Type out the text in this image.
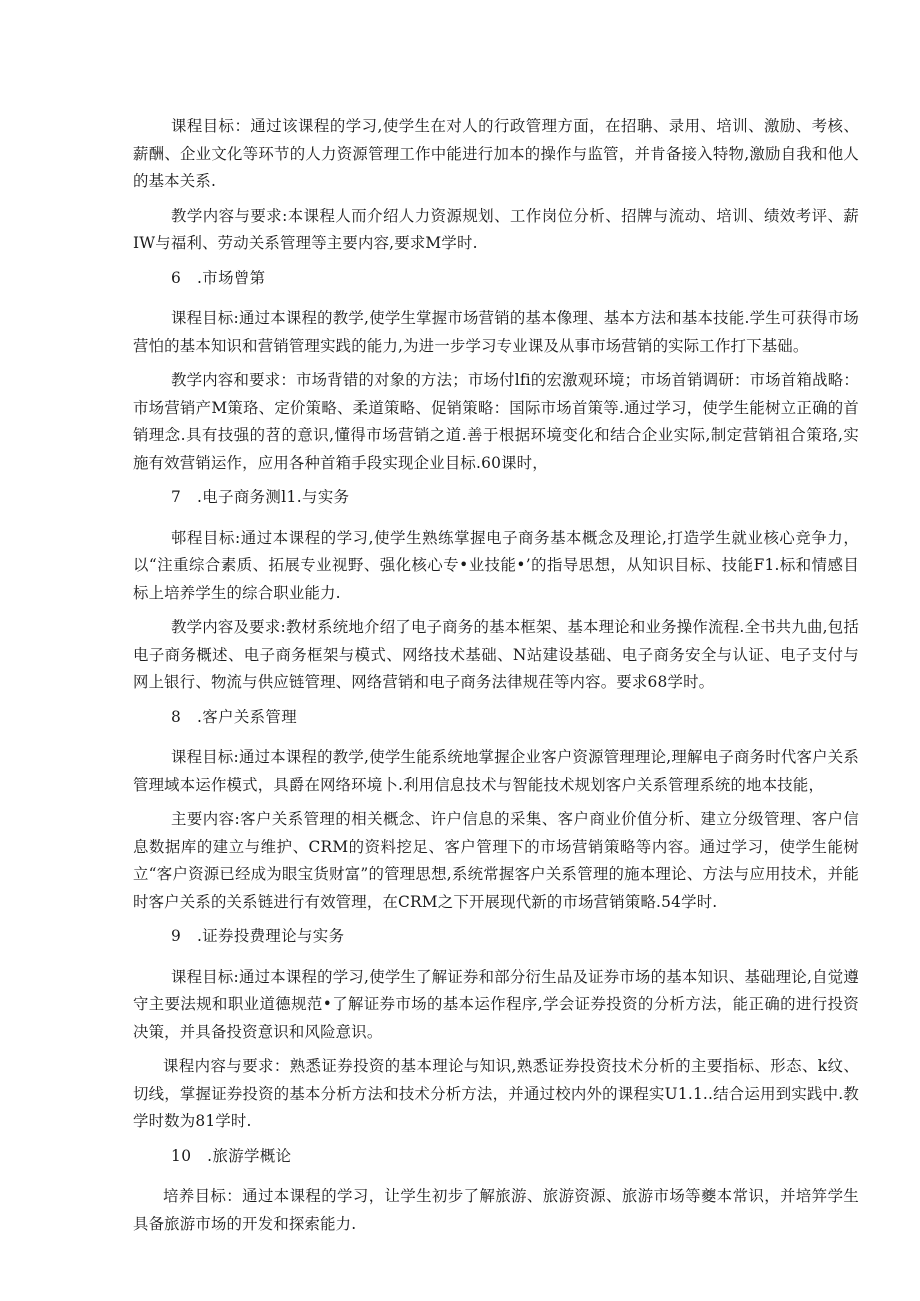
课程目标：通过该课程的学习,使学生在对人的行政管理方面，在招聃、录用、培训、激励、考核、薪酬、企业文化等环节的人力资源管理工作中能进行加本的操作与监管，并肯备接入特物,激励自我和他人的基本关系.

教学内容与要求:本课程人而介绍人力资源规划、工作岗位分析、招牌与流动、培训、绩效考评、薪IW与福利、劳动关系管理等主要内容,要求M学时.

6　.市场曾第

课程目标:通过本课程的教学,使学生掌握市场营销的基本像理、基本方法和基本技能.学生可获得市场营怕的基本知识和营销管理实践的能力,为进一步学习专业课及从事市场营销的实际工作打下基础。

教学内容和要求：市场背错的对象的方法；市场付lfi的宏激观环境；市场首销调研：市场首箱战略：市场营销产M策珞、定价策略、柔道策略、促销策略：国际市场首策等.通过学习，使学生能树立正确的首销理念.具有技强的苕的意识,懂得市场营销之道.善于根据环境变化和结合企业实际,制定营销祖合策珞,实施有效营销运作，应用各种首箱手段实现企业目标.60课时，

7　.电子商务测l1.与实务

邨程目标:通过本课程的学习,使学生熟练掌握电子商务基本概念及理论,打造学生就业核心竞争力，以“注重综合素质、拓展专业视野、强化核心专•业技能•’的指导思想，从知识目标、技能F1.标和情感目标上培养学生的综合职业能力.

教学内容及要求:教材系统地介绍了电子商务的基本框架、基本理论和业务操作流程.全书共九曲,包括电子商务概述、电子商务框架与模式、网络技术基础、N站建设基础、电子商务安全与认证、电子支付与网上银行、物流与供应链管理、网络营销和电子商务法律规荏等内容。要求68学时。

8　.客户关系管理

课程目标:通过本课程的教学,使学生能系统地掌握企业客户资源管理理论,理解电子商务时代客户关系管理域本运作模式，具爵在网络环境卜.利用信息技术与智能技术规划客户关系管理系统的地本技能，

主要内容:客户关系管理的相关概念、许户信息的采集、客户商业价值分析、建立分级管理、客户信息数据库的建立与维护、CRM的资料挖足、客户管理下的市场营销策略等内容。通过学习，使学生能树立“客户资源已经成为眼宝货财富”的管理思想,系统常握客户关系管理的施本理论、方法与应用技术，并能时客户关系的关系链进行有效管理，在CRM之下开展现代新的市场营销策略.54学时.

9　.证券投费理论与实务

课程目标:通过本课程的学习,使学生了解证券和部分衍生品及证券市场的基本知识、基础理论,自觉遵守主要法规和职业道德规范•了解证券市场的基本运作程序,学会证券投资的分析方法，能正确的进行投资决策，并具备投资意识和风险意识。

课程内容与要求：熟悉证券投资的基本理论与知识,熟悉证券投资技术分析的主要指标、形态、k纹、切线，掌握证券投资的基本分析方法和技术分析方法，并通过校内外的课程实U1.1..结合运用到实践中.教学时数为81学时.

10　.旅游学概论

培养目标：通过本课程的学习，让学生初步了解旅游、旅游资源、旅游市场等夔本常识，并培笄学生具备旅游市场的开发和探索能力.
